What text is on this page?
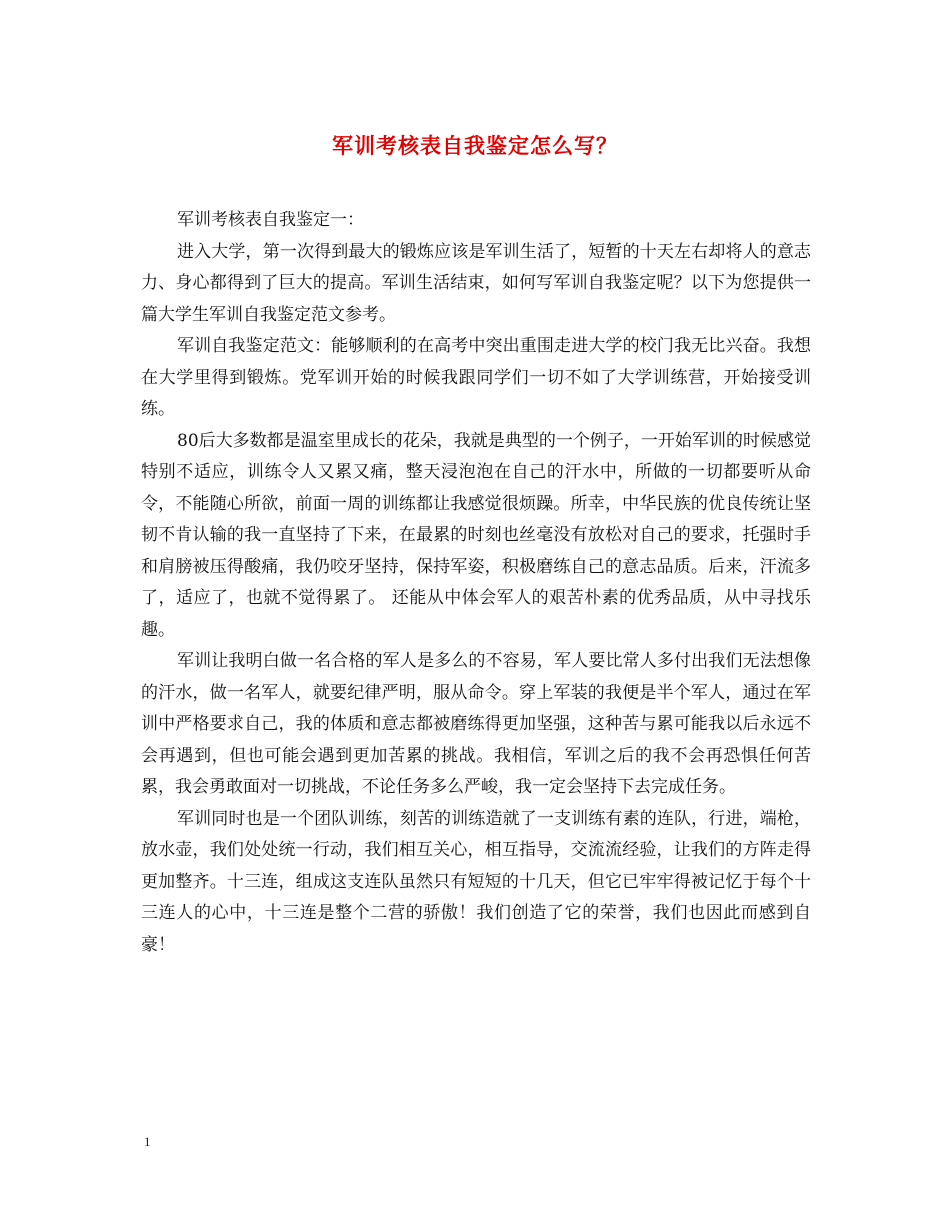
军训考核表自我鉴定怎么写？

军训考核表自我鉴定一：

进入大学，第一次得到最大的锻炼应该是军训生活了，短暂的十天左右却将人的意志力、身心都得到了巨大的提高。军训生活结束，如何写军训自我鉴定呢？以下为您提供一篇大学生军训自我鉴定范文参考。

军训自我鉴定范文：能够顺利的在高考中突出重围走进大学的校门我无比兴奋。我想在大学里得到锻炼。党军训开始的时候我跟同学们一切不如了大学训练营，开始接受训练。

80后大多数都是温室里成长的花朵，我就是典型的一个例子，一开始军训的时候感觉特别不适应，训练令人又累又痛，整天浸泡泡在自己的汗水中，所做的一切都要听从命令，不能随心所欲，前面一周的训练都让我感觉很烦躁。所幸，中华民族的优良传统让坚韧不肯认输的我一直坚持了下来，在最累的时刻也丝毫没有放松对自己的要求，托强时手和肩膀被压得酸痛，我仍咬牙坚持，保持军姿，积极磨练自己的意志品质。后来，汗流多了，适应了，也就不觉得累了。 还能从中体会军人的艰苦朴素的优秀品质，从中寻找乐趣。

军训让我明白做一名合格的军人是多么的不容易，军人要比常人多付出我们无法想像的汗水，做一名军人，就要纪律严明，服从命令。穿上军装的我便是半个军人，通过在军训中严格要求自己，我的体质和意志都被磨练得更加坚强，这种苦与累可能我以后永远不会再遇到，但也可能会遇到更加苦累的挑战。我相信，军训之后的我不会再恐惧任何苦累，我会勇敢面对一切挑战，不论任务多么严峻，我一定会坚持下去完成任务。

军训同时也是一个团队训练，刻苦的训练造就了一支训练有素的连队，行进，端枪，放水壶，我们处处统一行动，我们相互关心，相互指导，交流流经验，让我们的方阵走得更加整齐。十三连，组成这支连队虽然只有短短的十几天，但它已牢牢得被记忆于每个十三连人的心中，十三连是整个二营的骄傲！我们创造了它的荣誉，我们也因此而感到自豪！

1
